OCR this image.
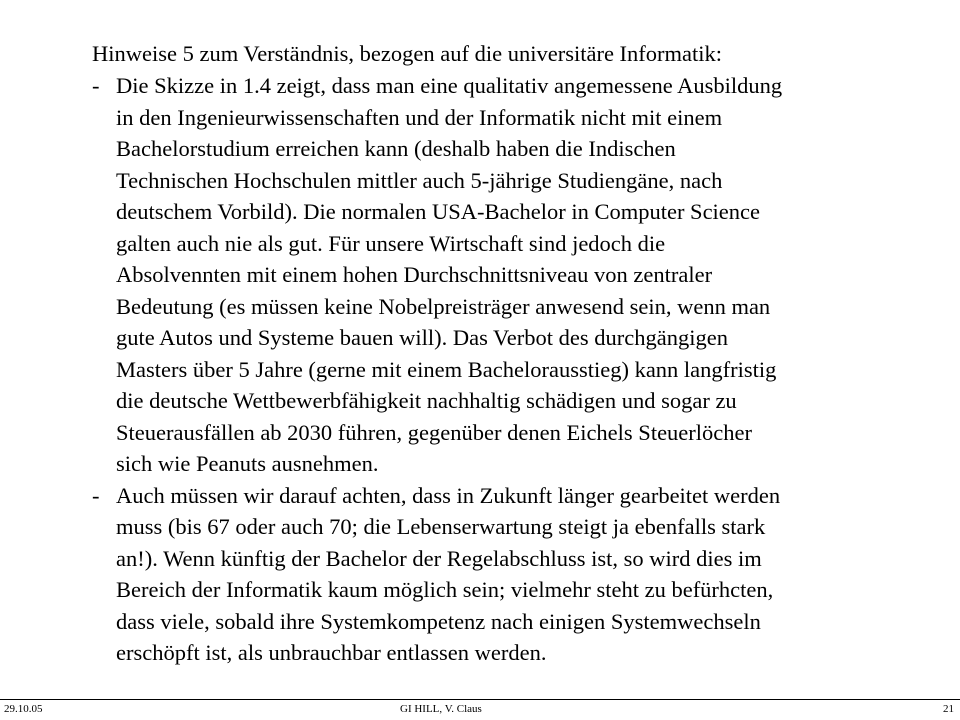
Hinweise 5 zum Verständnis, bezogen auf die universitäre Informatik:

- Die Skizze in 1.4 zeigt, dass man eine qualitativ angemessene Ausbildung
in den Ingenieurwissenschaften und der Informatik nicht mit einem
Bachelorstudium erreichen kann (deshalb haben die Indischen
Technischen Hochschulen mittler auch 5-jährige Studiengäne, nach
deutschem Vorbild). Die normalen USA-Bachelor in Computer Science
galten auch nie als gut. Für unsere Wirtschaft sind jedoch die
Absolvennten mit einem hohen Durchschnittsniveau von zentraler
Bedeutung (es müssen keine Nobelpreisträger anwesend sein, wenn man
gute Autos und Systeme bauen will). Das Verbot des durchgängigen
Masters über 5 Jahre (gerne mit einem Bachelorausstieg) kann langfristig
die deutsche Wettbewerbfähigkeit nachhaltig schädigen und sogar zu
Steuerausfällen ab 2030 führen, gegenüber denen Eichels Steuerlöcher
sich wie Peanuts ausnehmen.
- Auch müssen wir darauf achten, dass in Zukunft länger gearbeitet werden
muss (bis 67 oder auch 70; die Lebenserwartung steigt ja ebenfalls stark
an!). Wenn künftig der Bachelor der Regelabschluss ist, so wird dies im
Bereich der Informatik kaum möglich sein; vielmehr steht zu befürhcten,
dass viele, sobald ihre Systemkompetenz nach einigen Systemwechseln
erschöpft ist, als unbrauchbar entlassen werden.
29.10.05	GI HILL, V. Claus	21
